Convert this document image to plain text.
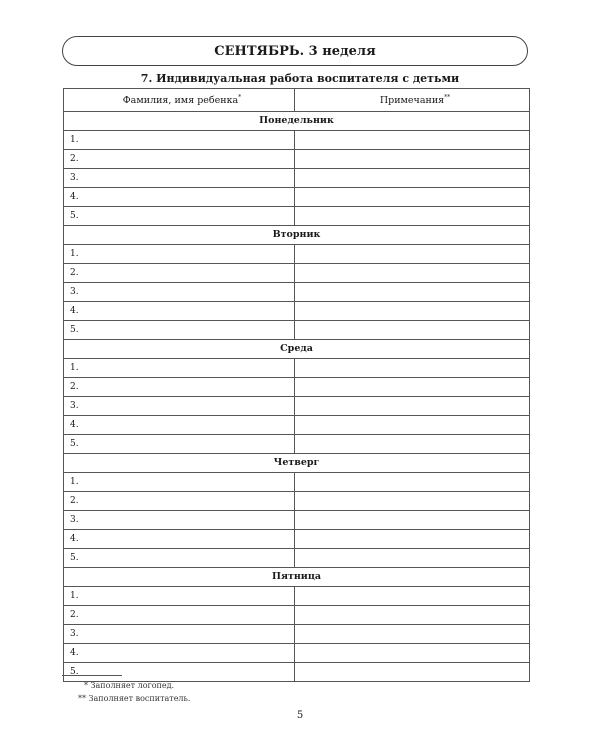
СЕНТЯБРЬ. 3 неделя
7. Индивидуальная работа воспитателя с детьми
Фамилия, имя ребенка*	Примечания**
Понедельник	
1.	
2.	
3.	
4.	
5.	
Вторник	
1.	
2.	
3.	
4.	
5.	
Среда	
1.	
2.	
3.	
4.	
5.	
Четверг	
1.	
2.	
3.	
4.	
5.	
Пятница	
1.	
2.	
3.	
4.	
5.	
* Заполняет логопед.
** Заполняет воспитатель.
5
